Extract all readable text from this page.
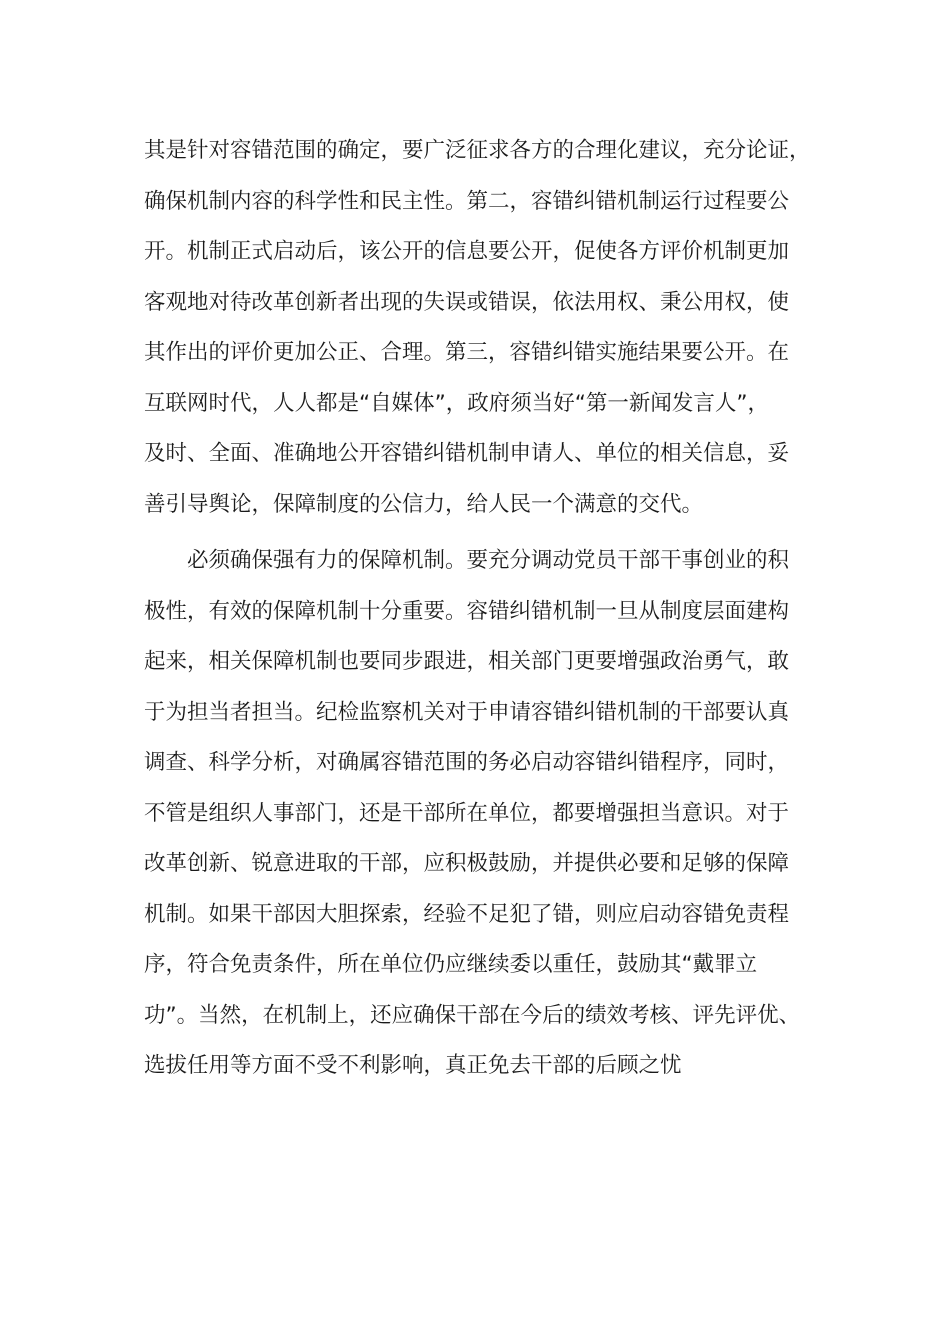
其是针对容错范围的确定，要广泛征求各方的合理化建议，充分论证，
确保机制内容的科学性和民主性。第二，容错纠错机制运行过程要公
开。机制正式启动后，该公开的信息要公开，促使各方评价机制更加
客观地对待改革创新者出现的失误或错误，依法用权、秉公用权，使
其作出的评价更加公正、合理。第三，容错纠错实施结果要公开。在
互联网时代，人人都是“自媒体”，政府须当好“第一新闻发言人”，
及时、全面、准确地公开容错纠错机制申请人、单位的相关信息，妥
善引导舆论，保障制度的公信力，给人民一个满意的交代。

　　必须确保强有力的保障机制。要充分调动党员干部干事创业的积
极性，有效的保障机制十分重要。容错纠错机制一旦从制度层面建构
起来，相关保障机制也要同步跟进，相关部门更要增强政治勇气，敢
于为担当者担当。纪检监察机关对于申请容错纠错机制的干部要认真
调查、科学分析，对确属容错范围的务必启动容错纠错程序，同时，
不管是组织人事部门，还是干部所在单位，都要增强担当意识。对于
改革创新、锐意进取的干部，应积极鼓励，并提供必要和足够的保障
机制。如果干部因大胆探索，经验不足犯了错，则应启动容错免责程
序，符合免责条件，所在单位仍应继续委以重任，鼓励其“戴罪立
功”。当然，在机制上，还应确保干部在今后的绩效考核、评先评优、
选拔任用等方面不受不利影响，真正免去干部的后顾之忧
